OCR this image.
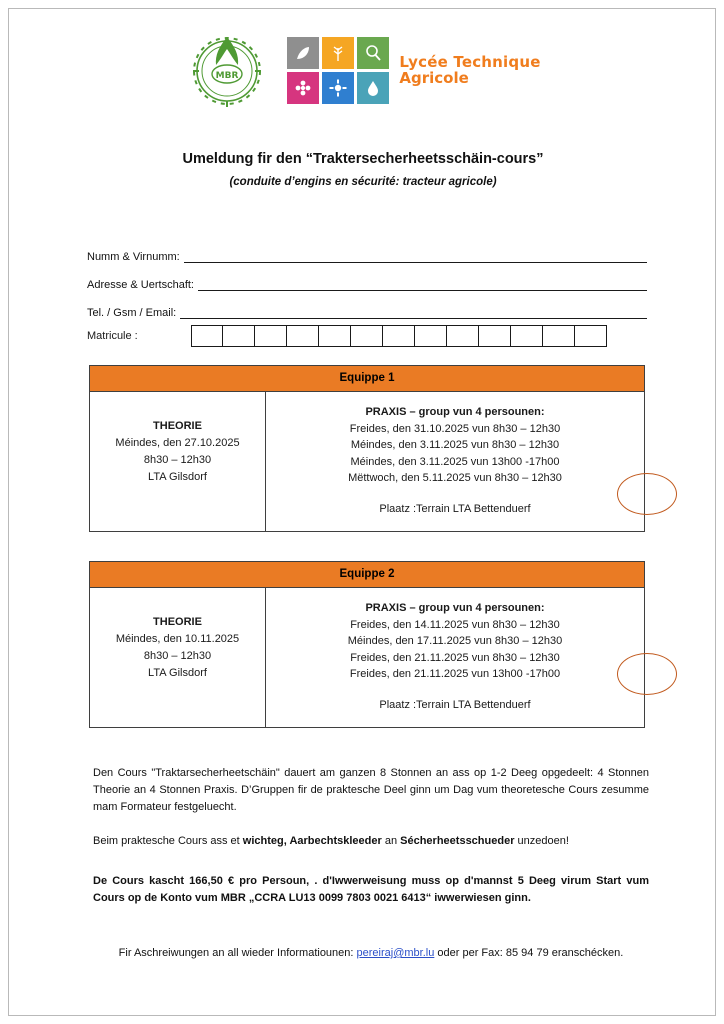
MBR
Lycée Technique
Agricole
Umeldung fir den “Traktersecherheetsschäin-cours”
(conduite d’engins en sécurité: tracteur agricole)
Numm & Virnumm:
Adresse & Uertschaft:
Tel. / Gsm / Email:
Matricule :
Equippe 1
THEORIE
Méindes, den 27.10.2025
8h30 – 12h30
LTA Gilsdorf
PRAXIS – group vun 4 persounen:
Freides, den 31.10.2025 vun 8h30 – 12h30
Méindes, den 3.11.2025 vun 8h30 – 12h30
Méindes, den 3.11.2025 vun 13h00 -17h00
Mëttwoch, den 5.11.2025 vun 8h30 – 12h30
Plaatz :Terrain LTA Bettenduerf
Equippe 2
THEORIE
Méindes, den 10.11.2025
8h30 – 12h30
LTA Gilsdorf
PRAXIS – group vun 4 persounen:
Freides, den 14.11.2025 vun 8h30 – 12h30
Méindes, den 17.11.2025 vun 8h30 – 12h30
Freides, den 21.11.2025 vun 8h30 – 12h30
Freides, den 21.11.2025 vun 13h00 -17h00
Plaatz :Terrain LTA Bettenduerf
Den Cours "Traktarsecherheetschäin" dauert am ganzen 8 Stonnen an ass op 1-2 Deeg opgedeelt: 4 Stonnen Theorie an 4 Stonnen Praxis. D’Gruppen fir de praktesche Deel ginn um Dag vum theoretesche Cours zesumme mam Formateur festgeluecht.
Beim praktesche Cours ass et wichteg, Aarbechtskleeder an Sécherheetsschueder unzedoen!
De Cours kascht 166,50 € pro Persoun, . d'Iwwerweisung muss op d'mannst 5 Deeg virum Start vum Cours op de Konto vum MBR „CCRA LU13 0099 7803 0021 6413“ iwwerwiesen ginn.
Fir Aschreiwungen an all wieder Informatiounen: pereiraj@mbr.lu oder per Fax: 85 94 79 eranschécken.
